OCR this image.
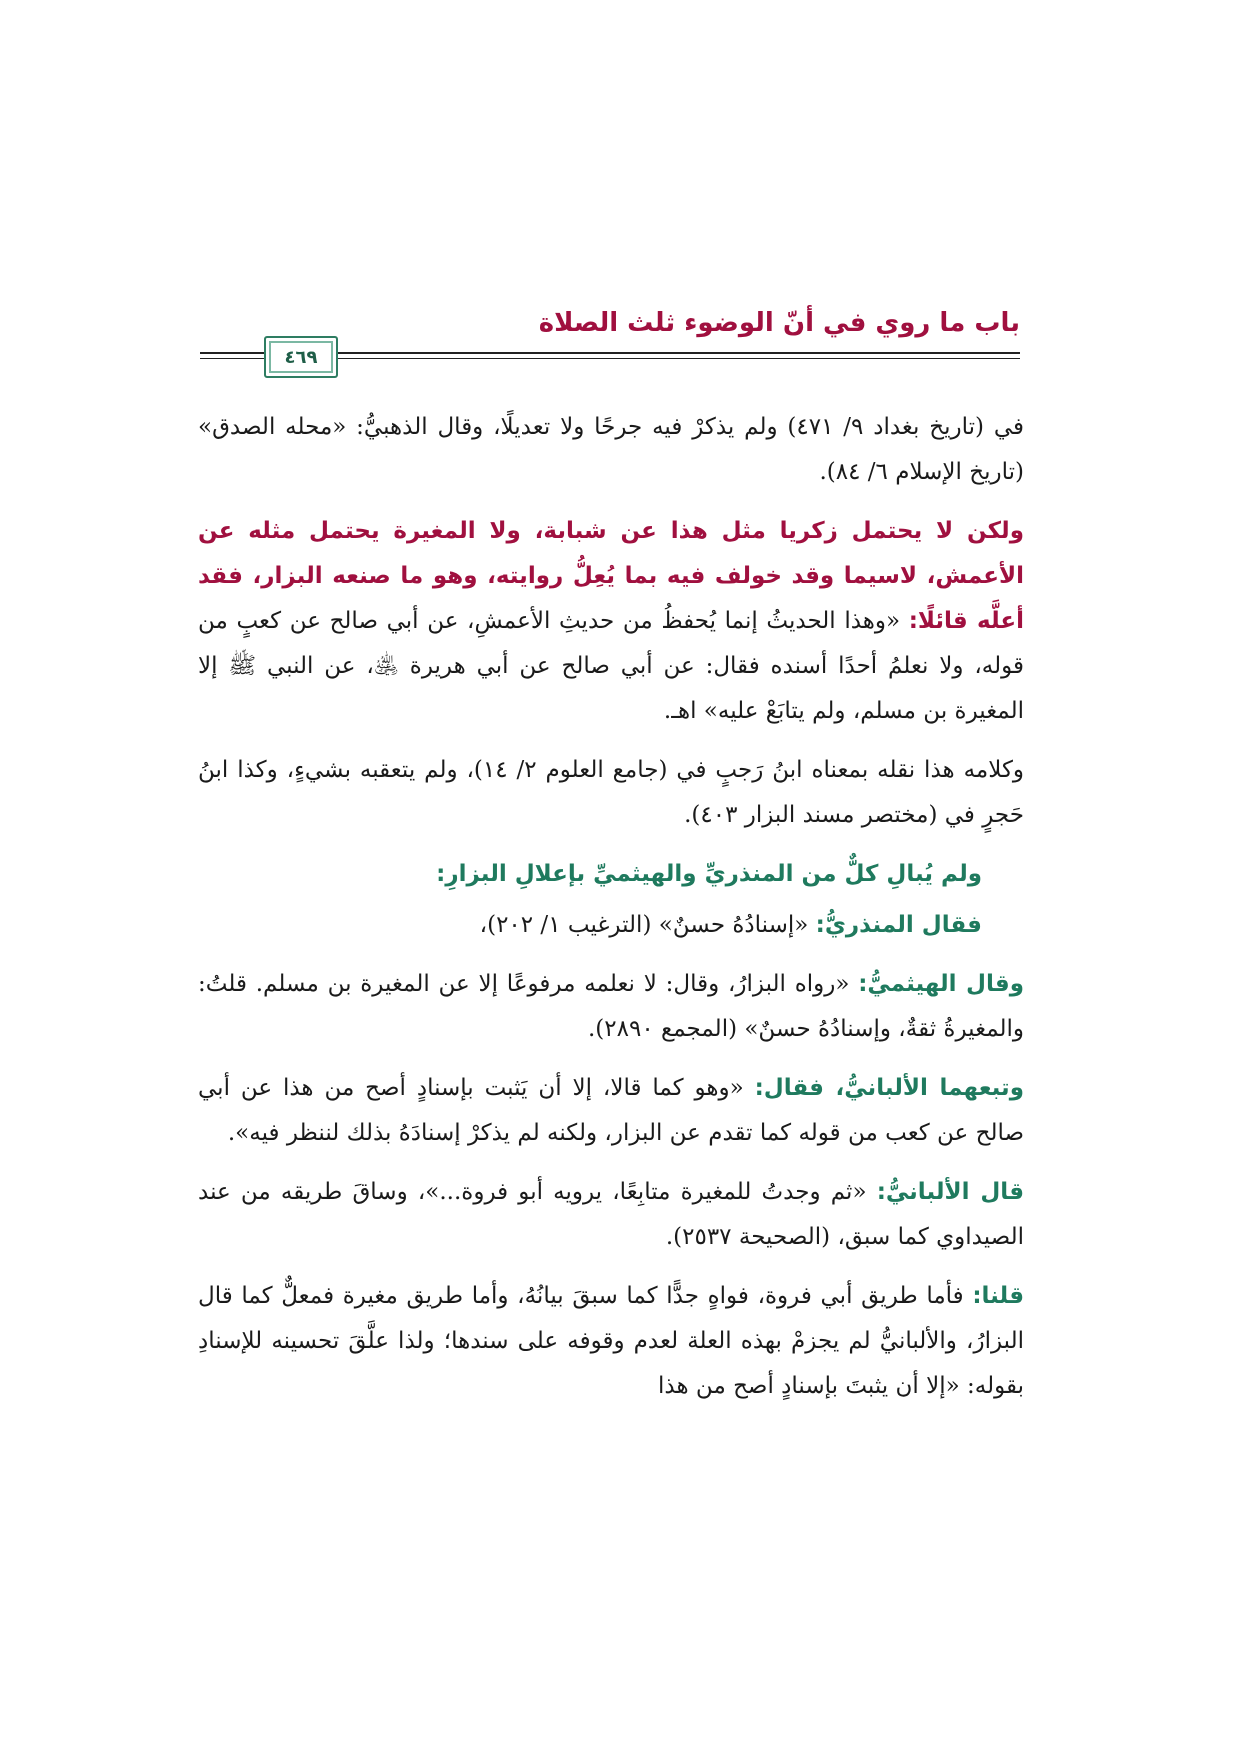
باب ما روي في أنّ الوضوء ثلث الصلاة
٤٦٩

في (تاريخ بغداد ٩/ ٤٧١) ولم يذكرْ فيه جرحًا ولا تعديلًا، وقال الذهبيُّ: «محله الصدق» (تاريخ الإسلام ٦/ ٨٤).

ولكن لا يحتمل زكريا مثل هذا عن شبابة، ولا المغيرة يحتمل مثله عن الأعمش، لاسيما وقد خولف فيه بما يُعِلُّ روايته، وهو ما صنعه البزار، فقد أعلَّه قائلًا: «وهذا الحديثُ إنما يُحفظُ من حديثِ الأعمشِ، عن أبي صالح عن كعبٍ من قوله، ولا نعلمُ أحدًا أسنده فقال: عن أبي صالح عن أبي هريرة ﵁، عن النبي ﷺ إلا المغيرة بن مسلم، ولم يتابَعْ عليه» اهـ.

وكلامه هذا نقله بمعناه ابنُ رَجبٍ في (جامع العلوم ٢/ ١٤)، ولم يتعقبه بشيءٍ، وكذا ابنُ حَجرٍ في (مختصر مسند البزار ٤٠٣).

ولم يُبالِ كلٌّ من المنذريِّ والهيثميِّ بإعلالِ البزارِ:

فقال المنذريُّ: «إسنادُهُ حسنٌ» (الترغيب ١/ ٢٠٢)،

وقال الهيثميُّ: «رواه البزارُ، وقال: لا نعلمه مرفوعًا إلا عن المغيرة بن مسلم. قلتُ: والمغيرةُ ثقةٌ، وإسنادُهُ حسنٌ» (المجمع ٢٨٩٠).

وتبعهما الألبانيُّ، فقال: «وهو كما قالا، إلا أن يَثبت بإسنادٍ أصح من هذا عن أبي صالح عن كعب من قوله كما تقدم عن البزار، ولكنه لم يذكرْ إسنادَهُ بذلك لننظر فيه».

قال الألبانيُّ: «ثم وجدتُ للمغيرة متابِعًا، يرويه أبو فروة...»، وساقَ طريقه من عند الصيداوي كما سبق، (الصحيحة ٢٥٣٧).

قلنا: فأما طريق أبي فروة، فواهٍ جدًّا كما سبقَ بيانُهُ، وأما طريق مغيرة فمعلٌّ كما قال البزارُ، والألبانيُّ لم يجزمْ بهذه العلة لعدم وقوفه على سندها؛ ولذا علَّقَ تحسينه للإسنادِ بقوله: «إلا أن يثبتَ بإسنادٍ أصح من هذا
